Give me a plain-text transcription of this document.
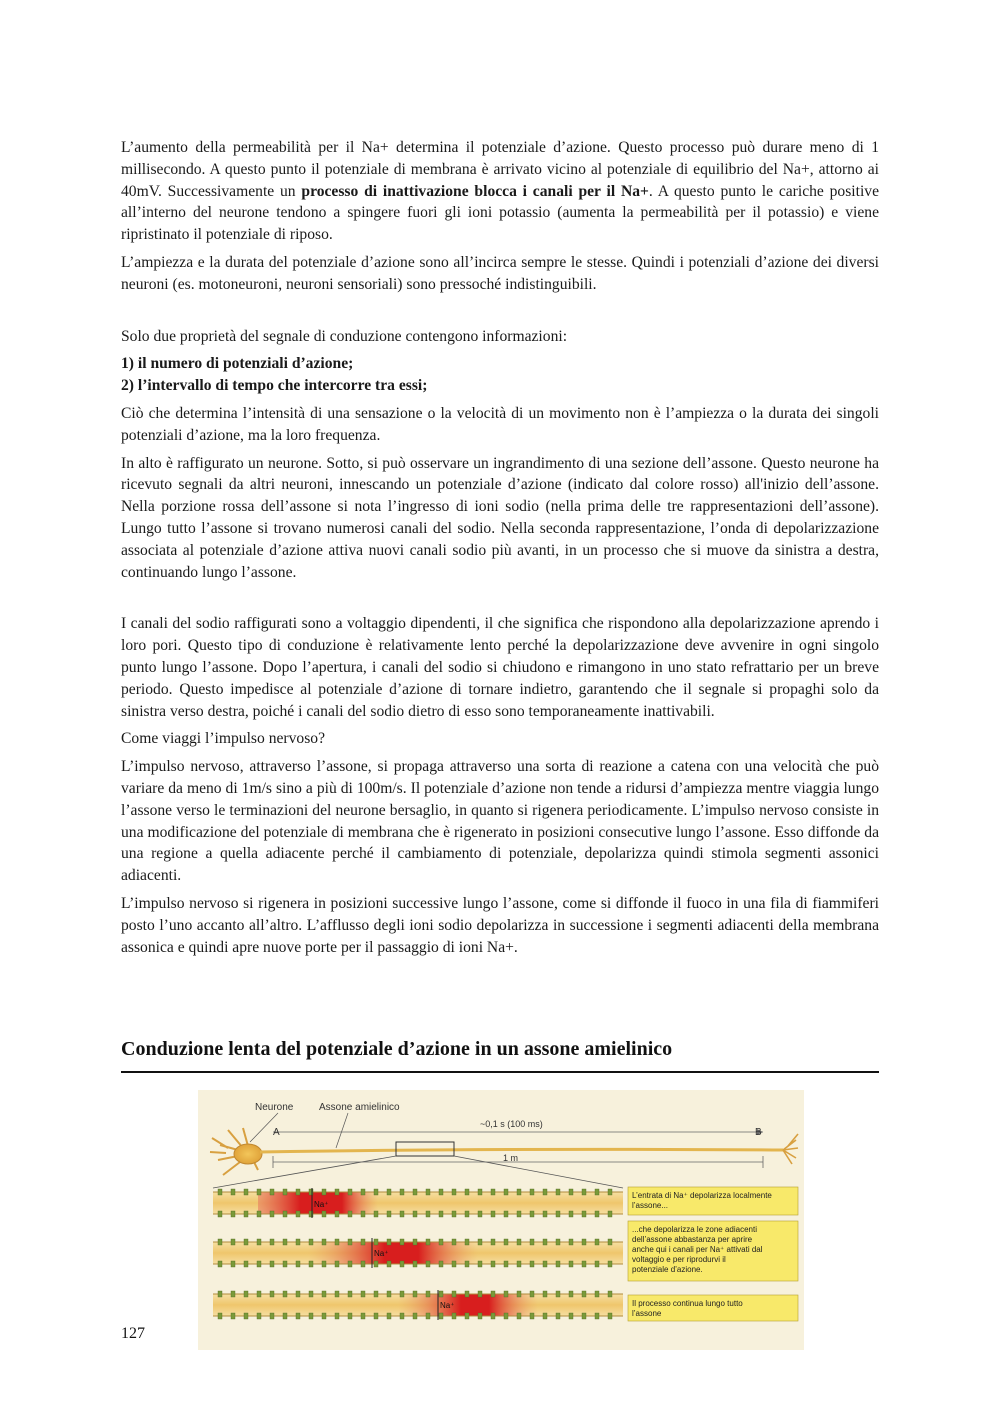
L’aumento della permeabilità per il Na+ determina il potenziale d’azione. Questo processo può durare meno di 1 millisecondo. A questo punto il potenziale di membrana è arrivato vicino al potenziale di equilibrio del Na+, attorno ai 40mV. Successivamente un processo di inattivazione blocca i canali per il Na+. A questo punto le cariche positive all’interno del neurone tendono a spingere fuori gli ioni potassio (aumenta la permeabilità per il potassio) e viene ripristinato il potenziale di riposo.

L’ampiezza e la durata del potenziale d’azione sono all’incirca sempre le stesse. Quindi i potenziali d’azione dei diversi neuroni (es. motoneuroni, neuroni sensoriali) sono pressoché indistinguibili.

Solo due proprietà del segnale di conduzione contengono informazioni:

1) il numero di potenziali d’azione;

2) l’intervallo di tempo che intercorre tra essi;

Ciò che determina l’intensità di una sensazione o la velocità di un movimento non è l’ampiezza o la durata dei singoli potenziali d’azione, ma la loro frequenza.

In alto è raffigurato un neurone. Sotto, si può osservare un ingrandimento di una sezione dell’assone. Questo neurone ha ricevuto segnali da altri neuroni, innescando un potenziale d’azione (indicato dal colore rosso) all'inizio dell’assone. Nella porzione rossa dell’assone si nota l’ingresso di ioni sodio (nella prima delle tre rappresentazioni dell’assone). Lungo tutto l’assone si trovano numerosi canali del sodio. Nella seconda rappresentazione, l’onda di depolarizzazione associata al potenziale d’azione attiva nuovi canali sodio più avanti, in un processo che si muove da sinistra a destra, continuando lungo l’assone.

I canali del sodio raffigurati sono a voltaggio dipendenti, il che significa che rispondono alla depolarizzazione aprendo i loro pori. Questo tipo di conduzione è relativamente lento perché la depolarizzazione deve avvenire in ogni singolo punto lungo l’assone. Dopo l’apertura, i canali del sodio si chiudono e rimangono in uno stato refrattario per un breve periodo. Questo impedisce al potenziale d’azione di tornare indietro, garantendo che il segnale si propaghi solo da sinistra verso destra, poiché i canali del sodio dietro di esso sono temporaneamente inattivabili.

Come viaggi l’impulso nervoso?

L’impulso nervoso, attraverso l’assone, si propaga attraverso una sorta di reazione a catena con una velocità che può variare da meno di 1m/s sino a più di 100m/s. Il potenziale d’azione non tende a ridursi d’ampiezza mentre viaggia lungo l’assone verso le terminazioni del neurone bersaglio, in quanto si rigenera periodicamente. L’impulso nervoso consiste in una modificazione del potenziale di membrana che è rigenerato in posizioni consecutive lungo l’assone. Esso diffonde da una regione a quella adiacente perché il cambiamento di potenziale, depolarizza quindi stimola segmenti assonici adiacenti.

L’impulso nervoso si rigenera in posizioni successive lungo l’assone, come si diffonde il fuoco in una fila di fiammiferi posto l’uno accanto all’altro. L’afflusso degli ioni sodio depolarizza in successione i segmenti adiacenti della membrana assonica e quindi apre nuove porte per il passaggio di ioni Na+.

Conduzione lenta del potenziale d’azione in un assone amielinico
Neurone	Assone amielinico
A	B
~0,1 s (100 ms)
1 m
Na⁺
Na⁺
Na⁺
L’entrata di Na⁺ depolarizza localmente l’assone...
...che depolarizza le zone adiacenti dell’assone abbastanza per aprire anche qui i canali per Na⁺ attivati dal voltaggio e per riprodurvi il potenziale d’azione.
Il processo continua lungo tutto l’assone
127
